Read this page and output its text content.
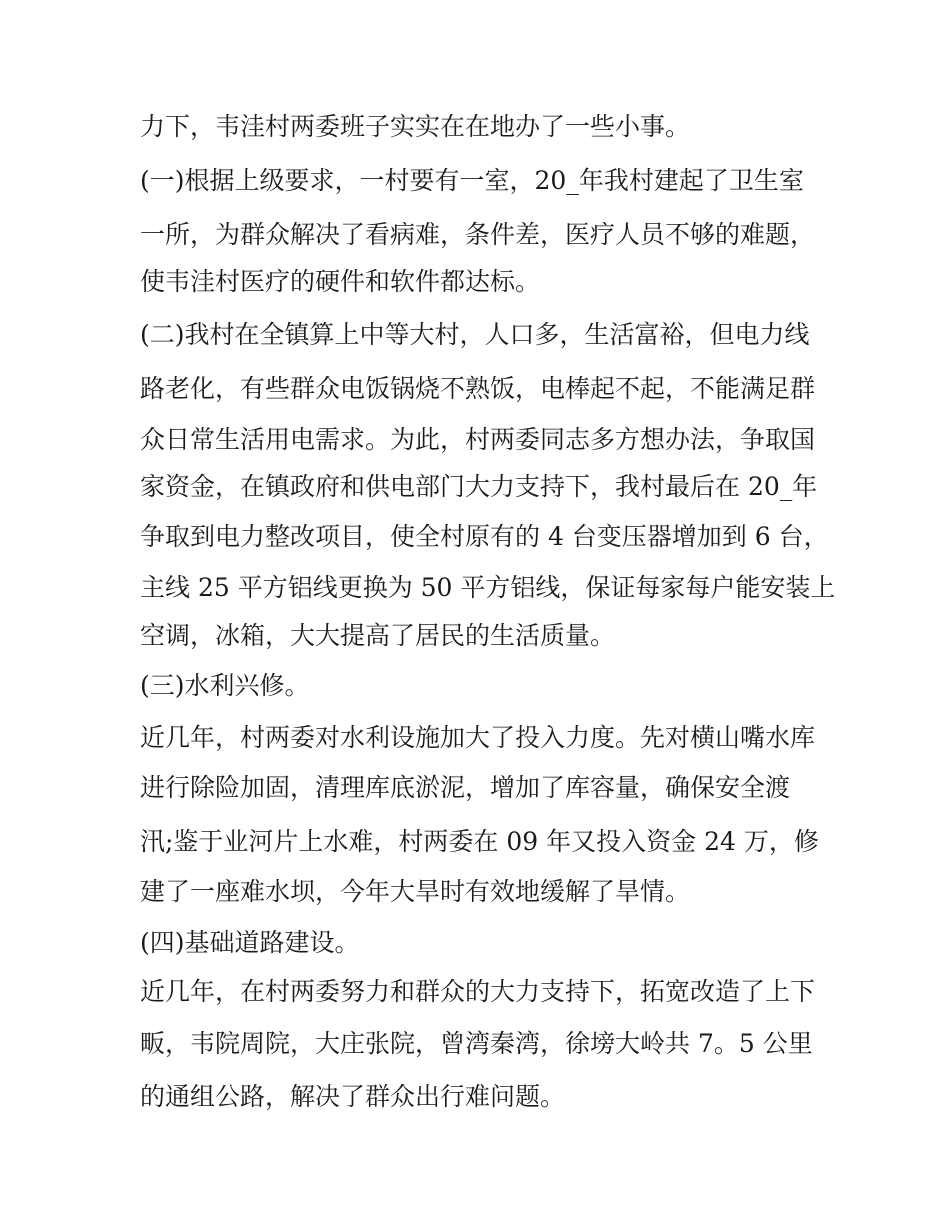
力下，韦洼村两委班子实实在在地办了一些小事。
(一)根据上级要求，一村要有一室，20_年我村建起了卫生室
一所，为群众解决了看病难，条件差，医疗人员不够的难题，
使韦洼村医疗的硬件和软件都达标。
(二)我村在全镇算上中等大村，人口多，生活富裕，但电力线
路老化，有些群众电饭锅烧不熟饭，电棒起不起，不能满足群
众日常生活用电需求。为此，村两委同志多方想办法，争取国
家资金，在镇政府和供电部门大力支持下，我村最后在 20_年
争取到电力整改项目，使全村原有的 4 台变压器增加到 6 台，
主线 25 平方铝线更换为 50 平方铝线，保证每家每户能安装上
空调，冰箱，大大提高了居民的生活质量。
(三)水利兴修。
近几年，村两委对水利设施加大了投入力度。先对横山嘴水库
进行除险加固，清理库底淤泥，增加了库容量，确保安全渡
汛;鉴于业河片上水难，村两委在 09 年又投入资金 24 万，修
建了一座难水坝，今年大旱时有效地缓解了旱情。
(四)基础道路建设。
近几年，在村两委努力和群众的大力支持下，拓宽改造了上下
畈，韦院周院，大庄张院，曾湾秦湾，徐塝大岭共 7。5 公里
的通组公路，解决了群众出行难问题。
